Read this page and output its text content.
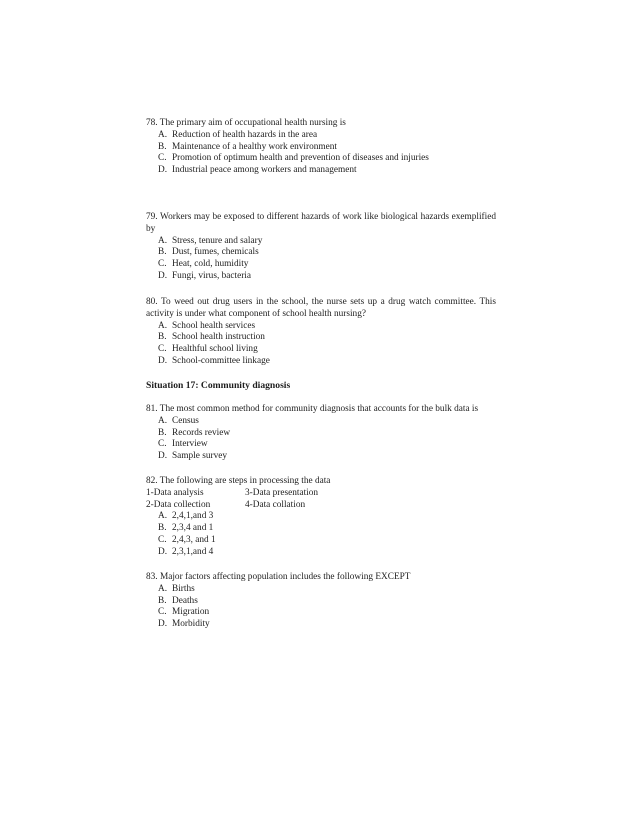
78. The primary aim of occupational health nursing is
A. Reduction of health hazards in the area
B. Maintenance of a healthy work environment
C. Promotion of optimum health and prevention of diseases and injuries
D. Industrial peace among workers and management
79. Workers may be exposed to different hazards of work like biological hazards exemplified by
A. Stress, tenure and salary
B. Dust, fumes, chemicals
C. Heat, cold, humidity
D. Fungi, virus, bacteria
80. To weed out drug users in the school, the nurse sets up a drug watch committee. This activity is under what component of school health nursing?
A. School health services
B. School health instruction
C. Healthful school living
D. School-committee linkage
Situation 17: Community diagnosis
81. The most common method for community diagnosis that accounts for the bulk data is
A. Census
B. Records review
C. Interview
D. Sample survey
82. The following are steps in processing the data
1-Data analysis	3-Data presentation
2-Data collection	4-Data collation
A. 2,4,1,and 3
B. 2,3,4 and 1
C. 2,4,3, and 1
D. 2,3,1,and 4
83. Major factors affecting population includes the following EXCEPT
A. Births
B. Deaths
C. Migration
D. Morbidity
